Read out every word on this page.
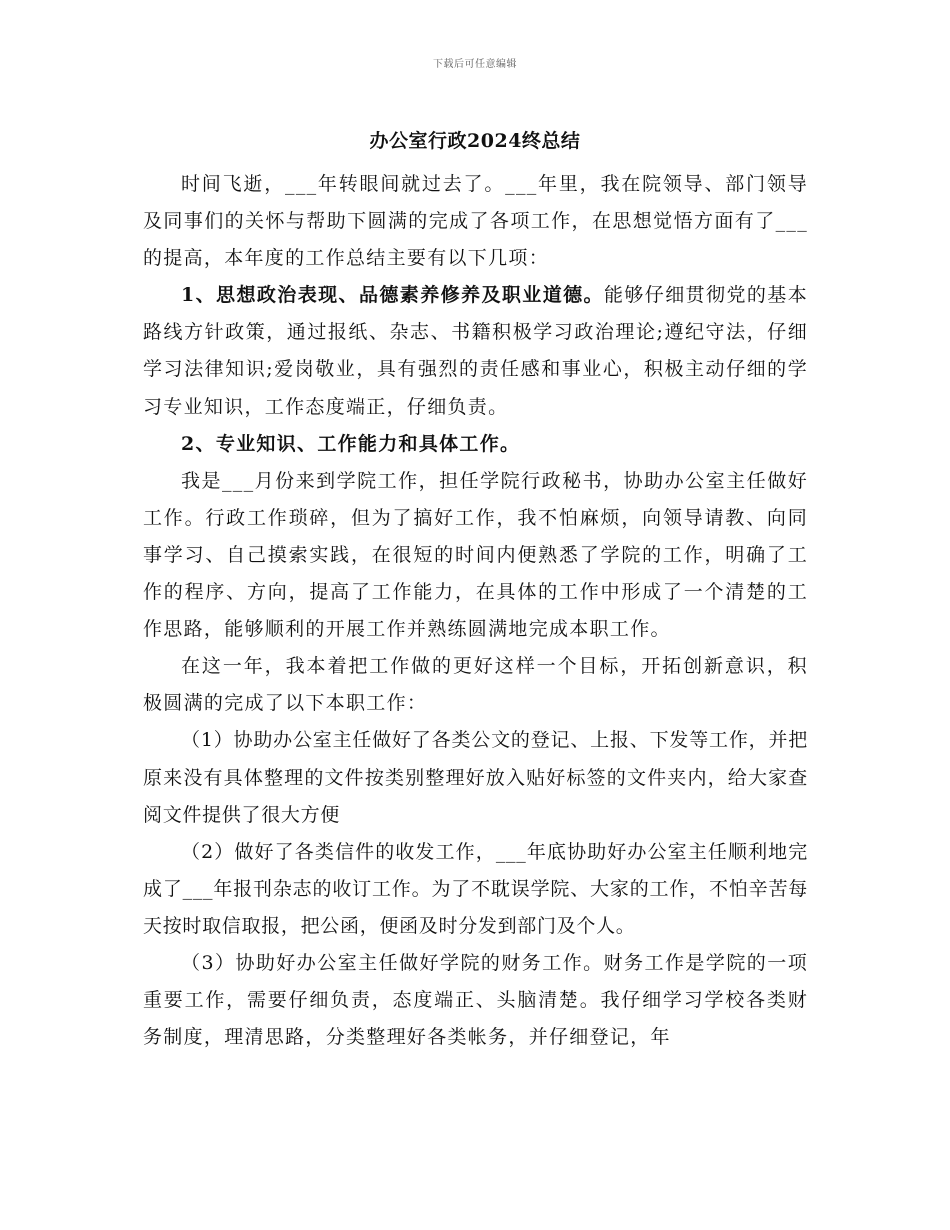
下载后可任意编辑
办公室行政2024终总结

时间飞逝，___年转眼间就过去了。___年里，我在院领导、部门领导及同事们的关怀与帮助下圆满的完成了各项工作，在思想觉悟方面有了___的提高，本年度的工作总结主要有以下几项：

1、思想政治表现、品德素养修养及职业道德。能够仔细贯彻党的基本路线方针政策，通过报纸、杂志、书籍积极学习政治理论;遵纪守法，仔细学习法律知识;爱岗敬业，具有强烈的责任感和事业心，积极主动仔细的学习专业知识，工作态度端正，仔细负责。

2、专业知识、工作能力和具体工作。

我是___月份来到学院工作，担任学院行政秘书，协助办公室主任做好工作。行政工作琐碎，但为了搞好工作，我不怕麻烦，向领导请教、向同事学习、自己摸索实践，在很短的时间内便熟悉了学院的工作，明确了工作的程序、方向，提高了工作能力，在具体的工作中形成了一个清楚的工作思路，能够顺利的开展工作并熟练圆满地完成本职工作。

在这一年，我本着把工作做的更好这样一个目标，开拓创新意识，积极圆满的完成了以下本职工作：

（1）协助办公室主任做好了各类公文的登记、上报、下发等工作，并把原来没有具体整理的文件按类别整理好放入贴好标签的文件夹内，给大家查阅文件提供了很大方便

（2）做好了各类信件的收发工作，___年底协助好办公室主任顺利地完成了___年报刊杂志的收订工作。为了不耽误学院、大家的工作，不怕辛苦每天按时取信取报，把公函，便函及时分发到部门及个人。

（3）协助好办公室主任做好学院的财务工作。财务工作是学院的一项重要工作，需要仔细负责，态度端正、头脑清楚。我仔细学习学校各类财务制度，理清思路，分类整理好各类帐务，并仔细登记，年
